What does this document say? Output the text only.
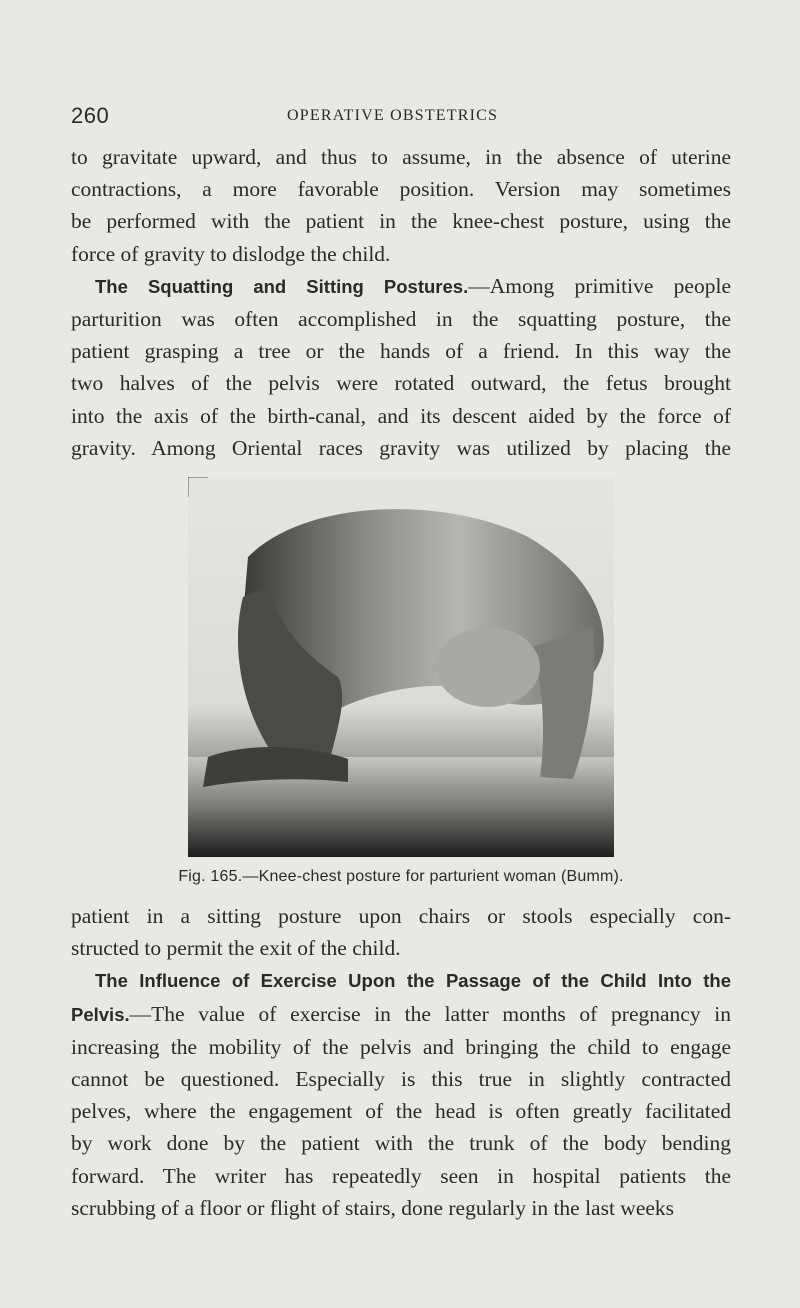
260	OPERATIVE OBSTETRICS
to gravitate upward, and thus to assume, in the absence of uterine
contractions, a more favorable position. Version may sometimes
be performed with the patient in the knee-chest posture, using the
force of gravity to dislodge the child.
The Squatting and Sitting Postures.—Among primitive people
parturition was often accomplished in the squatting posture, the
patient grasping a tree or the hands of a friend. In this way the
two halves of the pelvis were rotated outward, the fetus brought
into the axis of the birth-canal, and its descent aided by the force of
gravity. Among Oriental races gravity was utilized by placing the
Fig. 165.—Knee-chest posture for parturient woman (Bumm).
patient in a sitting posture upon chairs or stools especially con-
structed to permit the exit of the child.
The Influence of Exercise Upon the Passage of the Child Into the
Pelvis.—The value of exercise in the latter months of pregnancy in
increasing the mobility of the pelvis and bringing the child to engage
cannot be questioned. Especially is this true in slightly contracted
pelves, where the engagement of the head is often greatly facilitated
by work done by the patient with the trunk of the body bending
forward. The writer has repeatedly seen in hospital patients the
scrubbing of a floor or flight of stairs, done regularly in the last weeks
